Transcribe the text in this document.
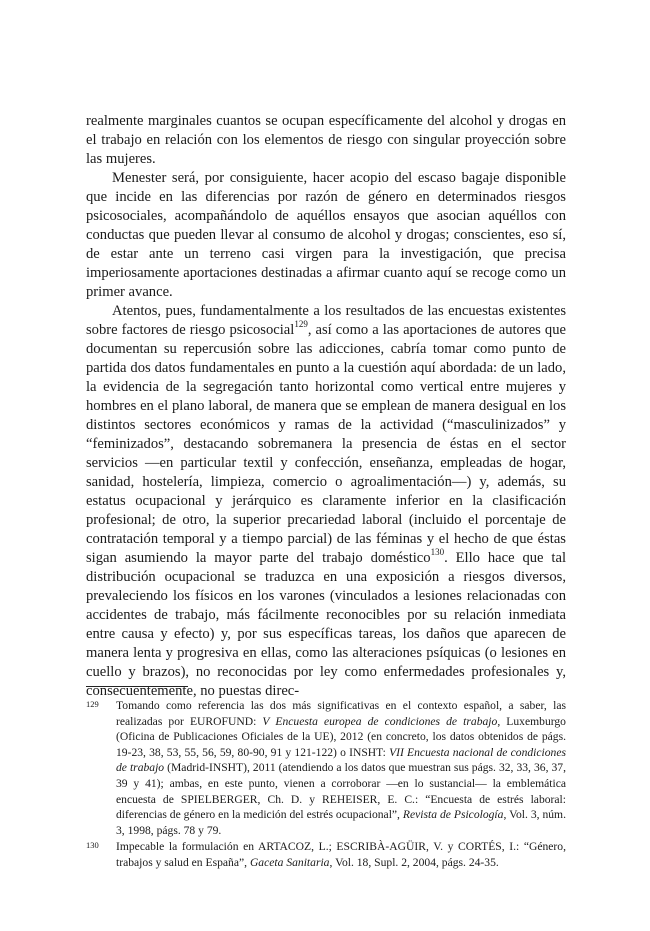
realmente marginales cuantos se ocupan específicamente del alcohol y drogas en el trabajo en relación con los elementos de riesgo con singular proyección sobre las mujeres.

Menester será, por consiguiente, hacer acopio del escaso bagaje disponible que incide en las diferencias por razón de género en determinados riesgos psicosociales, acompañándolo de aquéllos ensayos que asocian aquéllos con conductas que pueden llevar al consumo de alcohol y drogas; conscientes, eso sí, de estar ante un terreno casi virgen para la investigación, que precisa imperiosamente aportaciones destinadas a afirmar cuanto aquí se recoge como un primer avance.

Atentos, pues, fundamentalmente a los resultados de las encuestas existentes sobre factores de riesgo psicosocial$^{129}$, así como a las aportaciones de autores que documentan su repercusión sobre las adicciones, cabría tomar como punto de partida dos datos fundamentales en punto a la cuestión aquí abordada: de un lado, la evidencia de la segregación tanto horizontal como vertical entre mujeres y hombres en el plano laboral, de manera que se emplean de manera desigual en los distintos sectores económicos y ramas de la actividad (“masculinizados” y “feminizados”, destacando sobremanera la presencia de éstas en el sector servicios —en particular textil y confección, enseñanza, empleadas de hogar, sanidad, hostelería, limpieza, comercio o agroalimentación—) y, además, su estatus ocupacional y jerárquico es claramente inferior en la clasificación profesional; de otro, la superior precariedad laboral (incluido el porcentaje de contratación temporal y a tiempo parcial) de las féminas y el hecho de que éstas sigan asumiendo la mayor parte del trabajo doméstico$^{130}$. Ello hace que tal distribución ocupacional se traduzca en una exposición a riesgos diversos, prevaleciendo los físicos en los varones (vinculados a lesiones relacionadas con accidentes de trabajo, más fácilmente reconocibles por su relación inmediata entre causa y efecto) y, por sus específicas tareas, los daños que aparecen de manera lenta y progresiva en ellas, como las alteraciones psíquicas (o lesiones en cuello y brazos), no reconocidas por ley como enfermedades profesionales y, consecuentemente, no puestas direc-

129	Tomando como referencia las dos más significativas en el contexto español, a saber, las realizadas por EUROFUND: V Encuesta europea de condiciones de trabajo, Luxemburgo (Oficina de Publicaciones Oficiales de la UE), 2012 (en concreto, los datos obtenidos de págs. 19-23, 38, 53, 55, 56, 59, 80-90, 91 y 121-122) o INSHT: VII Encuesta nacional de condiciones de trabajo (Madrid-INSHT), 2011 (atendiendo a los datos que muestran sus págs. 32, 33, 36, 37, 39 y 41); ambas, en este punto, vienen a corroborar —en lo sustancial— la emblemática encuesta de SPIELBERGER, Ch. D. y REHEISER, E. C.: “Encuesta de estrés laboral: diferencias de género en la medición del estrés ocupacional”, Revista de Psicología, Vol. 3, núm. 3, 1998, págs. 78 y 79.
130	Impecable la formulación en ARTACOZ, L.; ESCRIBÀ-AGÜIR, V. y CORTÉS, I.: “Género, trabajos y salud en España”, Gaceta Sanitaria, Vol. 18, Supl. 2, 2004, págs. 24-35.
